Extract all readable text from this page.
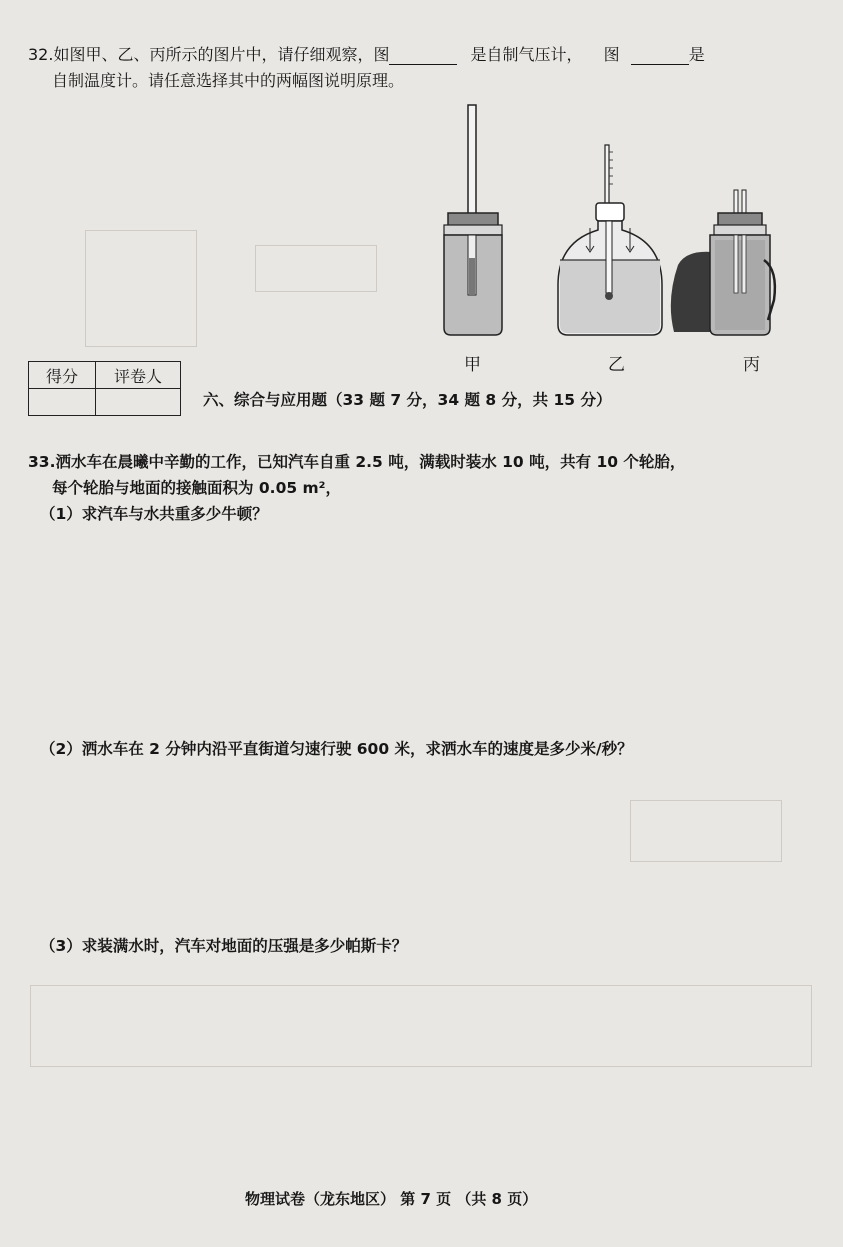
32.如图甲、乙、丙所示的图片中，请仔细观察，图	是自制气压计， 图	是
自制温度计。请任意选择其中的两幅图说明原理。
甲	乙	丙
得分	评卷人

六、综合与应用题（33 题 7 分，34 题 8 分，共 15 分）
33.洒水车在晨曦中辛勤的工作，已知汽车自重 2.5 吨，满载时装水 10 吨，共有 10 个轮胎，
每个轮胎与地面的接触面积为 0.05 m²，
（1）求汽车与水共重多少牛顿？
（2）洒水车在 2 分钟内沿平直街道匀速行驶 600 米，求洒水车的速度是多少米/秒？
（3）求装满水时，汽车对地面的压强是多少帕斯卡？
物理试卷（龙东地区） 第 7 页 （共 8 页）
